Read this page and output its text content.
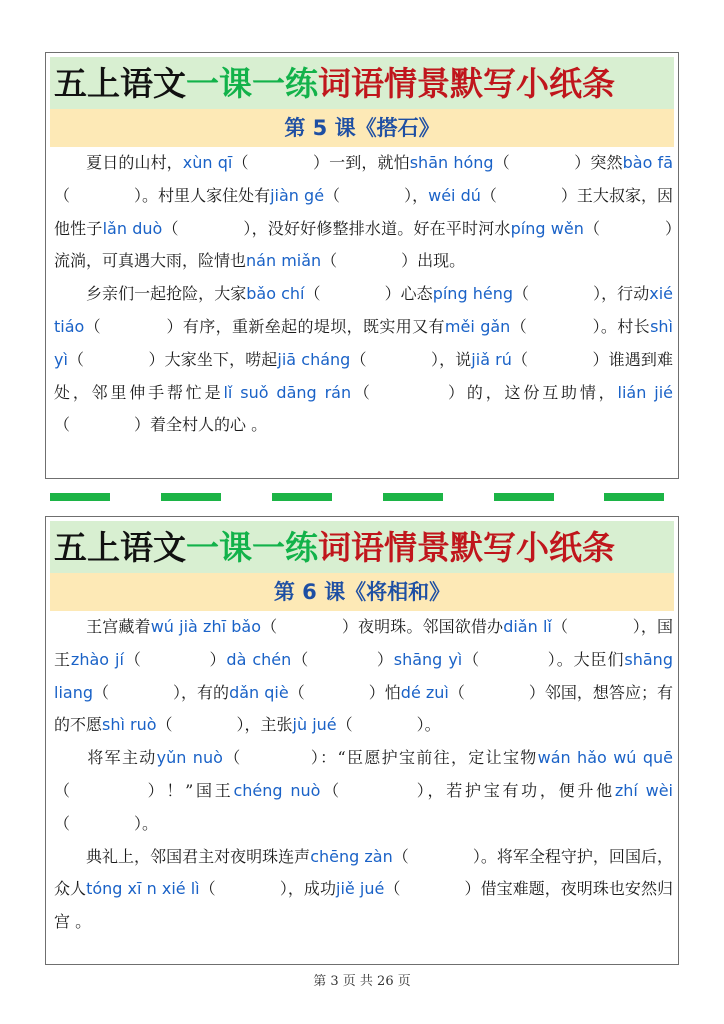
五上语文 一课一练 词语情景默写小纸条
第 5 课《搭石》

夏日的山村，xùn qī（　　　　）一到，就怕shān hóng（　　　　）突然bào fā（　　　　）。村里人家住处有jiàn gé（　　　　），wéi dú（　　　　）王大叔家，因他性子lǎn duò（　　　　），没好好修整排水道。好在平时河水píng wěn（　　　　）流淌，可真遇大雨，险情也nán miǎn（　　　　）出现。

乡亲们一起抢险，大家bǎo chí（　　　　）心态píng héng（　　　　），行动xié tiáo（　　　　）有序，重新垒起的堤坝，既实用又有měi gǎn（　　　　）。村长shì yì（　　　　）大家坐下，唠起jiā cháng（　　　　），说jiǎ rú（　　　　）谁遇到难处，邻里伸手帮忙是lǐ suǒ dāng rán（　　　　）的，这份互助情，lián jié（　　　　）着全村人的心 。

五上语文 一课一练 词语情景默写小纸条
第 6 课《将相和》

王宫藏着wú jià zhī bǎo（　　　　）夜明珠。邻国欲借办diǎn lǐ（　　　　），国王zhào jí（　　　　）dà chén（　　　　）shāng yì（　　　　）。大臣们shāng liang（　　　　），有的dǎn qiè（　　　　）怕dé zuì（　　　　）邻国，想答应；有的不愿shì ruò（　　　　），主张jù jué（　　　　）。

将军主动yǔn nuò（　　　　）：“臣愿护宝前往，定让宝物wán hǎo wú quē（　　　　）！”国王chéng nuò（　　　　），若护宝有功，便升他zhí wèi（　　　　）。

典礼上，邻国君主对夜明珠连声chēng zàn（　　　　）。将军全程守护，回国后，众人tóng xī n xié lì（　　　　），成功jiě jué（　　　　）借宝难题，夜明珠也安然归宫 。

第 3 页 共 26 页
